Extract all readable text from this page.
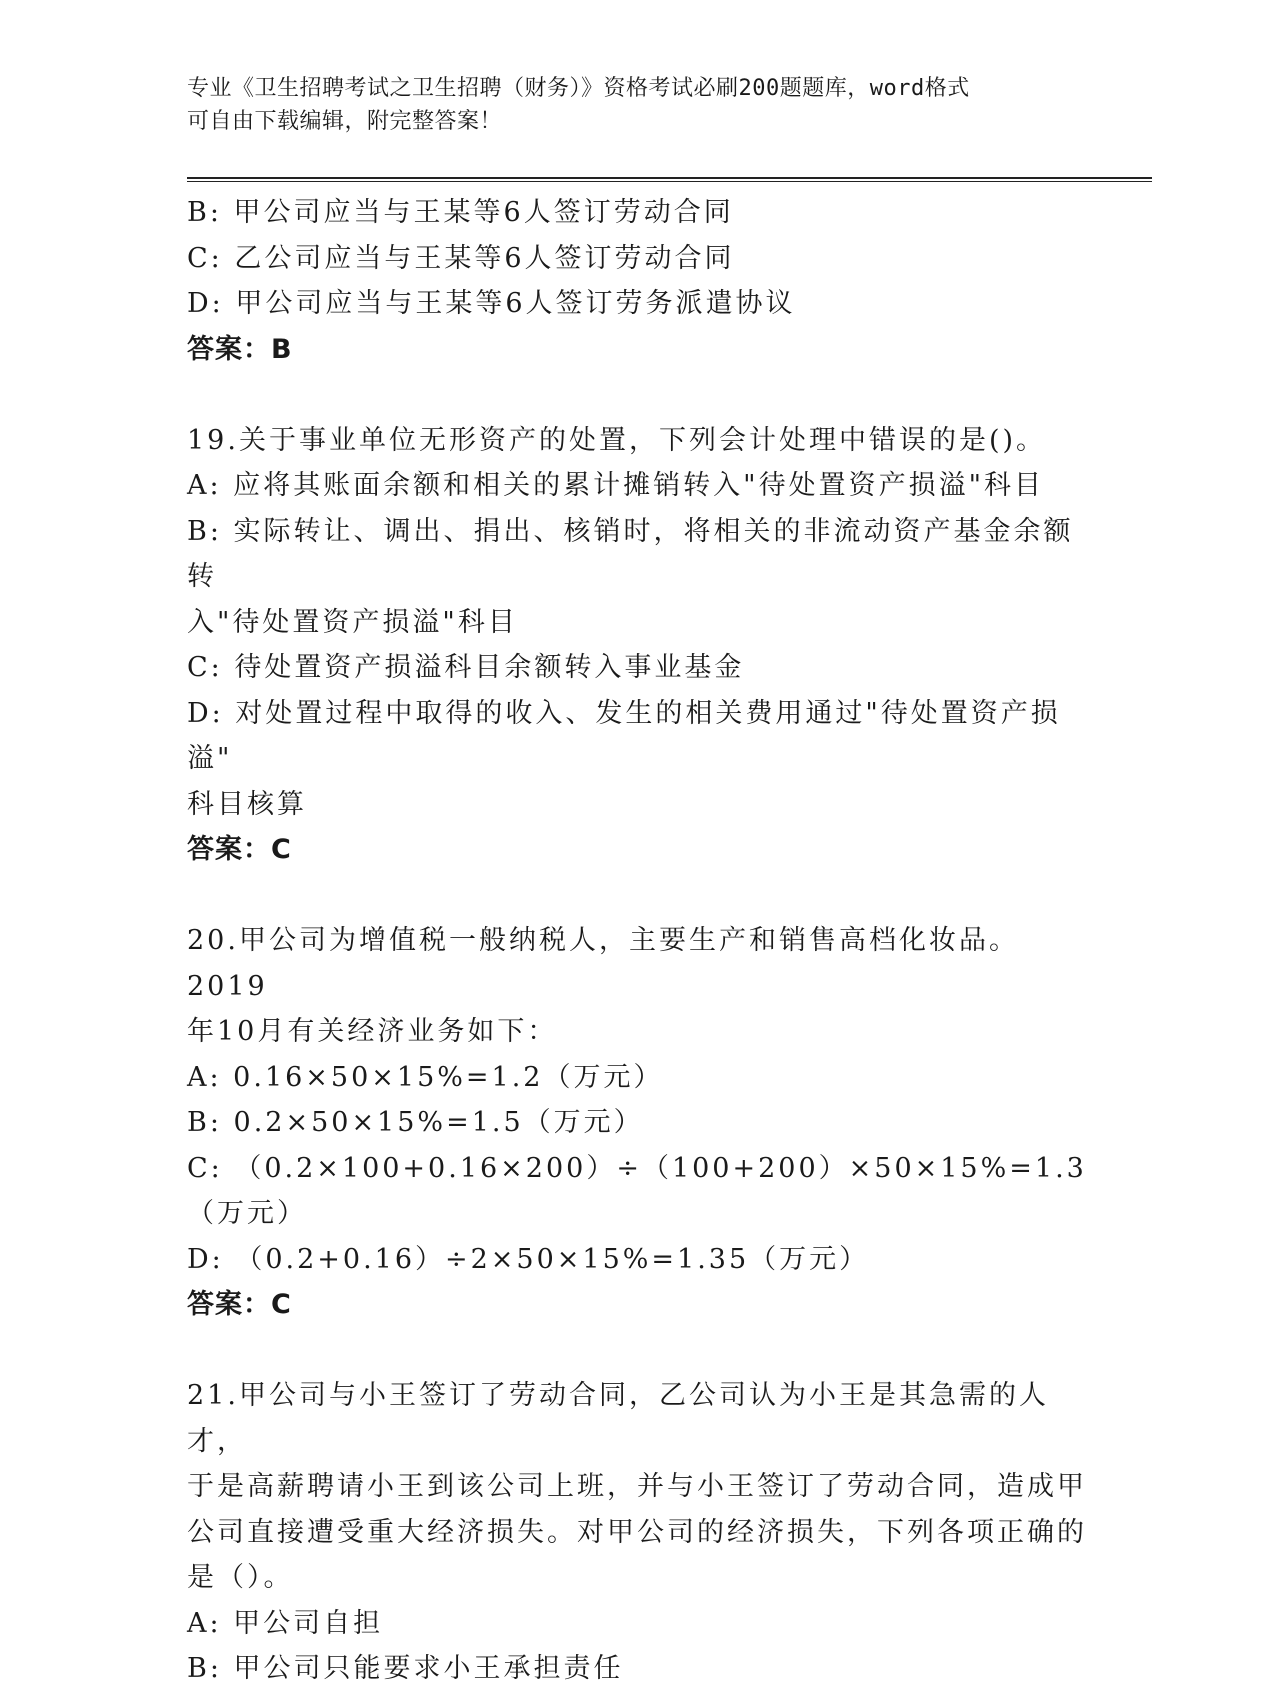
专业《卫生招聘考试之卫生招聘（财务）》资格考试必刷200题题库，word格式
可自由下载编辑，附完整答案！
B: 甲公司应当与王某等6人签订劳动合同
C: 乙公司应当与王某等6人签订劳动合同
D: 甲公司应当与王某等6人签订劳务派遣协议
答案：B
19.关于事业单位无形资产的处置，下列会计处理中错误的是()。
A: 应将其账面余额和相关的累计摊销转入"待处置资产损溢"科目
B: 实际转让、调出、捐出、核销时，将相关的非流动资产基金余额转
入"待处置资产损溢"科目
C: 待处置资产损溢科目余额转入事业基金
D: 对处置过程中取得的收入、发生的相关费用通过"待处置资产损溢"
科目核算
答案：C
20.甲公司为增值税一般纳税人，主要生产和销售高档化妆品。2019
年10月有关经济业务如下：
A: 0.16×50×15%=1.2（万元）
B: 0.2×50×15%=1.5（万元）
C: （0.2×100+0.16×200）÷（100+200）×50×15%=1.3（万元）
D: （0.2+0.16）÷2×50×15%=1.35（万元）
答案：C
21.甲公司与小王签订了劳动合同，乙公司认为小王是其急需的人才，
于是高薪聘请小王到该公司上班，并与小王签订了劳动合同，造成甲
公司直接遭受重大经济损失。对甲公司的经济损失，下列各项正确的
是（）。
A: 甲公司自担
B: 甲公司只能要求小王承担责任
